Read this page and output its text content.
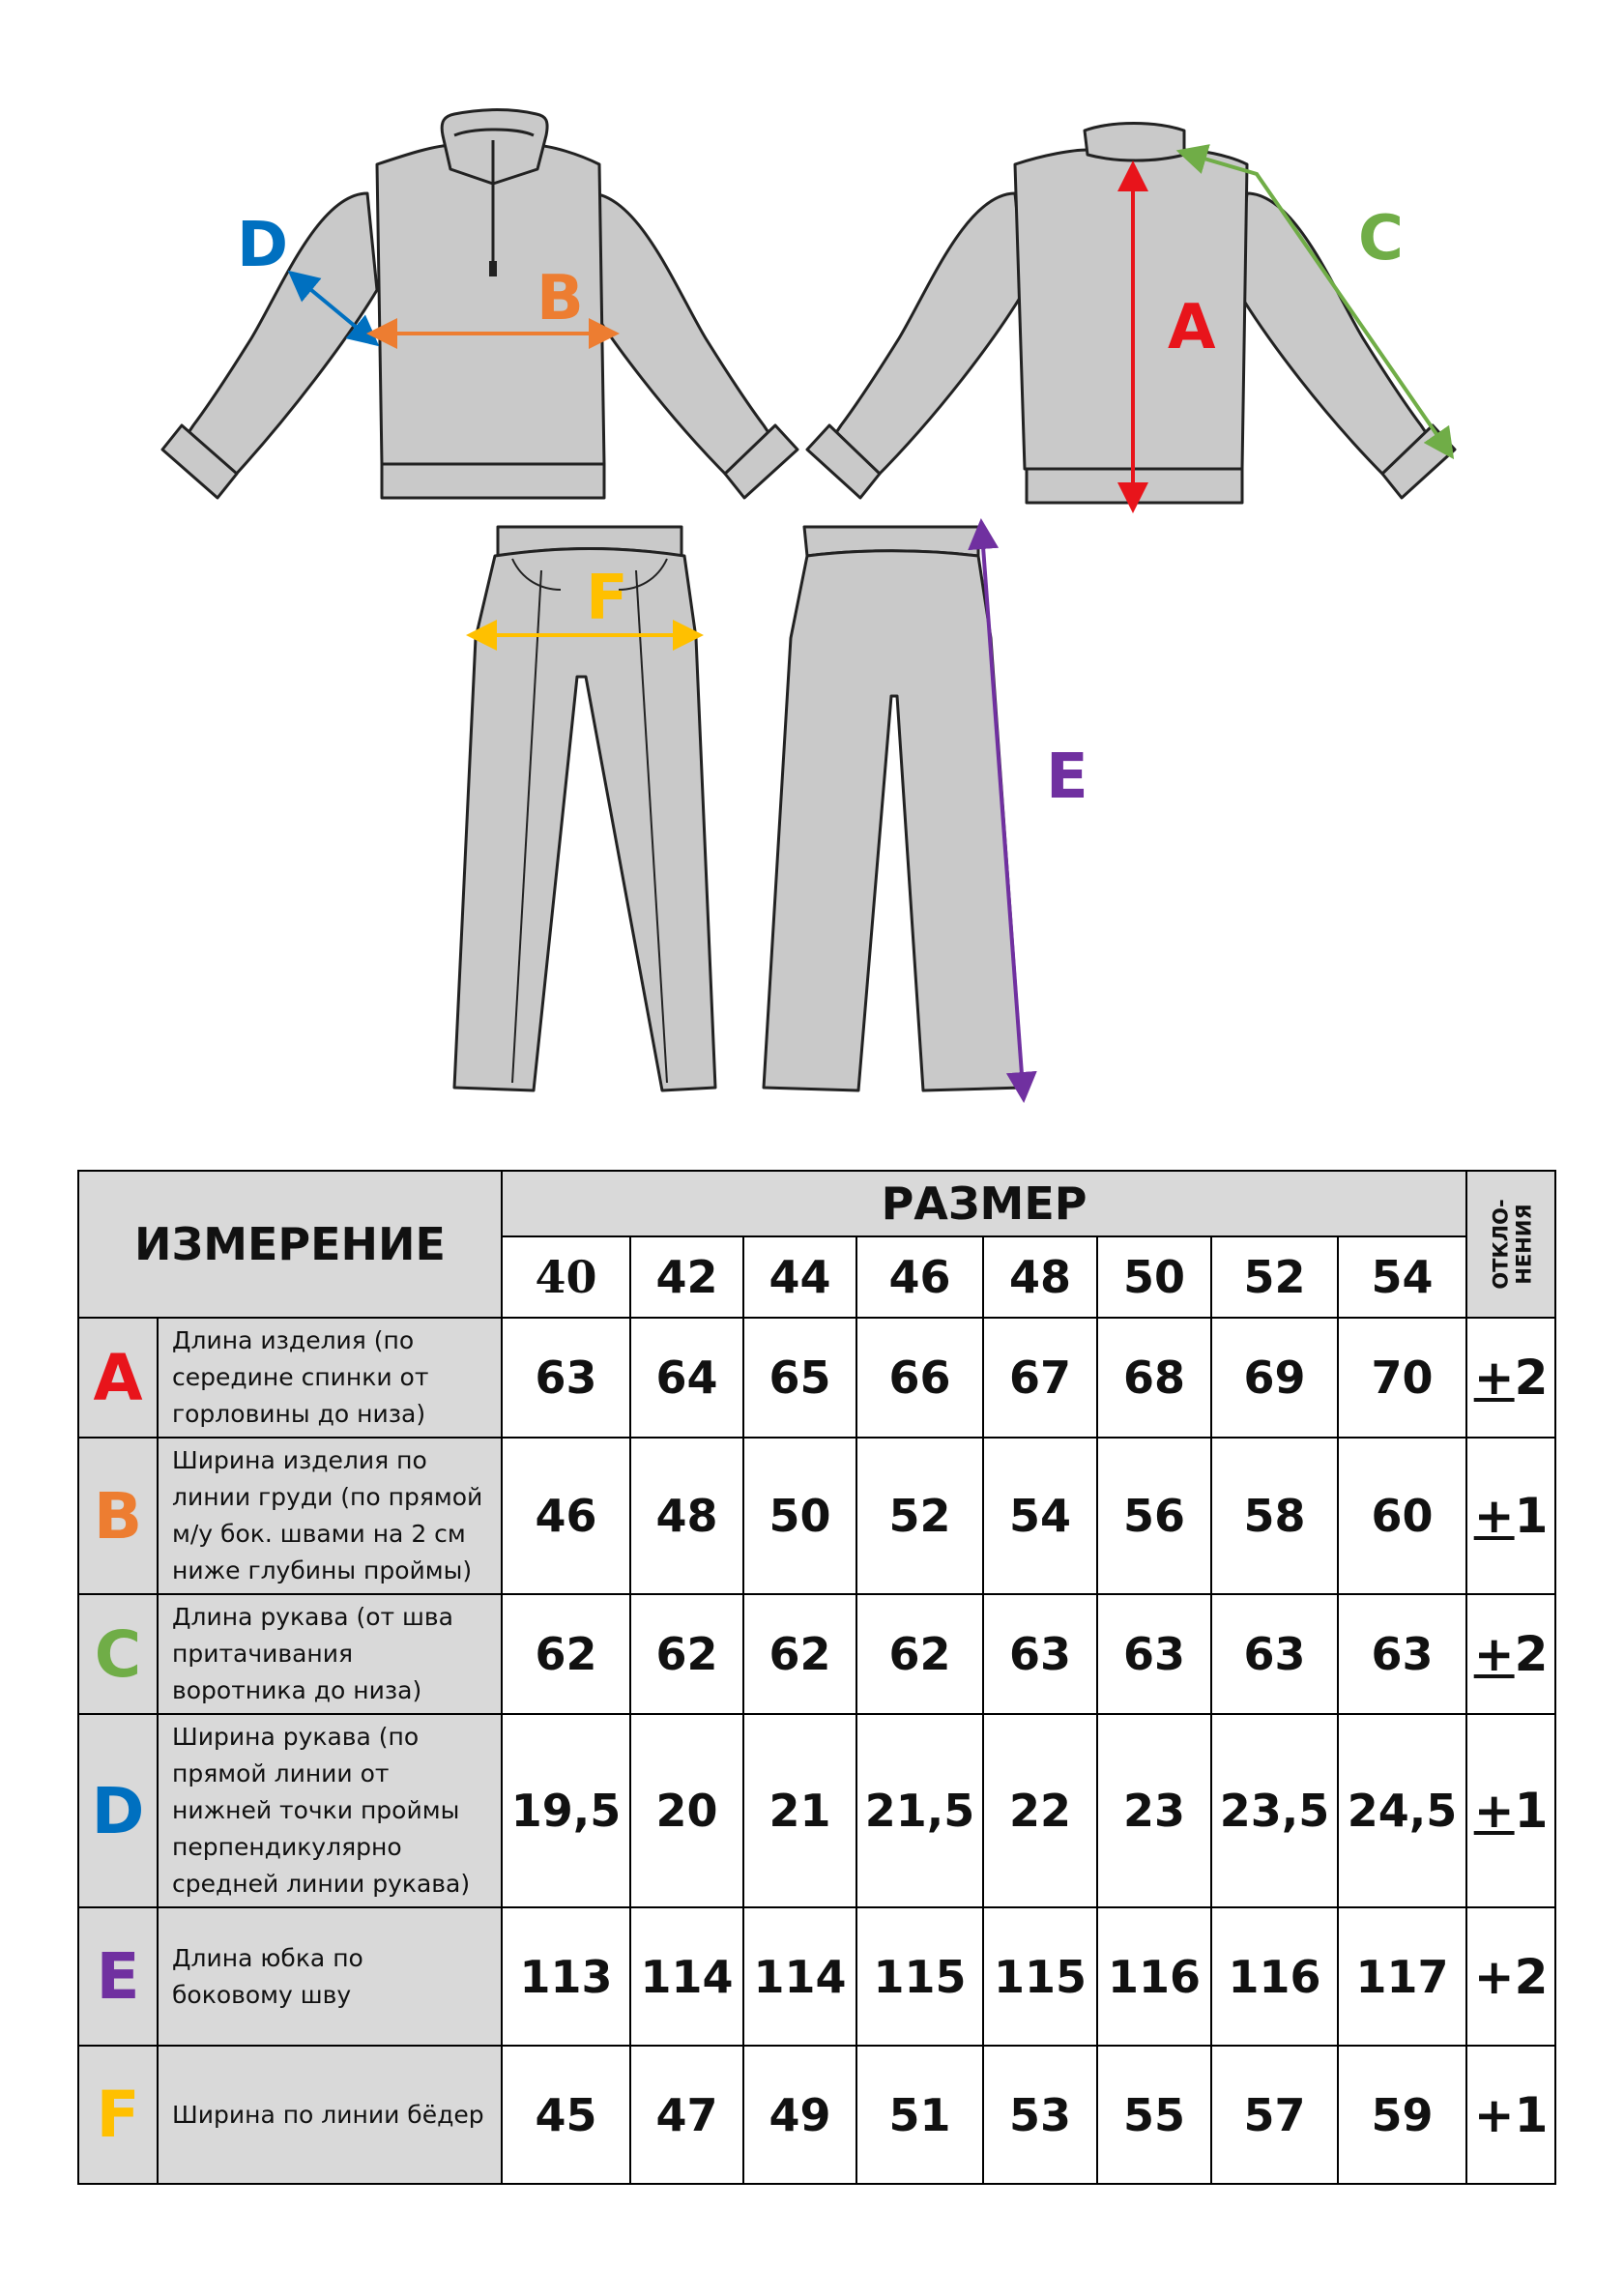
D
B	A
C
F
E
ИЗМЕРЕНИЕ		РАЗМЕР								ОТКЛО- НЕНИЯ

		40	42	44	46	48	50	52	54	
A	Длина изделия (по середине спинки от горловины до низа)	63	64	65	66	67	68	69	70	+2
B	Ширина изделия по линии груди (по прямой м/у бок. швами на 2 см ниже глубины проймы)	46	48	50	52	54	56	58	60	+1
C	Длина рукава (от шва притачивания воротника до низа)	62	62	62	62	63	63	63	63	+2
D	Ширина рукава (по прямой линии от нижней точки проймы перпендикулярно средней линии рукава)	19,5	20	21	21,5	22	23	23,5	24,5	+1
E	Длина юбка по боковому шву	113	114	114	115	115	116	116	117	+2
F	Ширина по линии бёдер	45	47	49	51	53	55	57	59	+1
